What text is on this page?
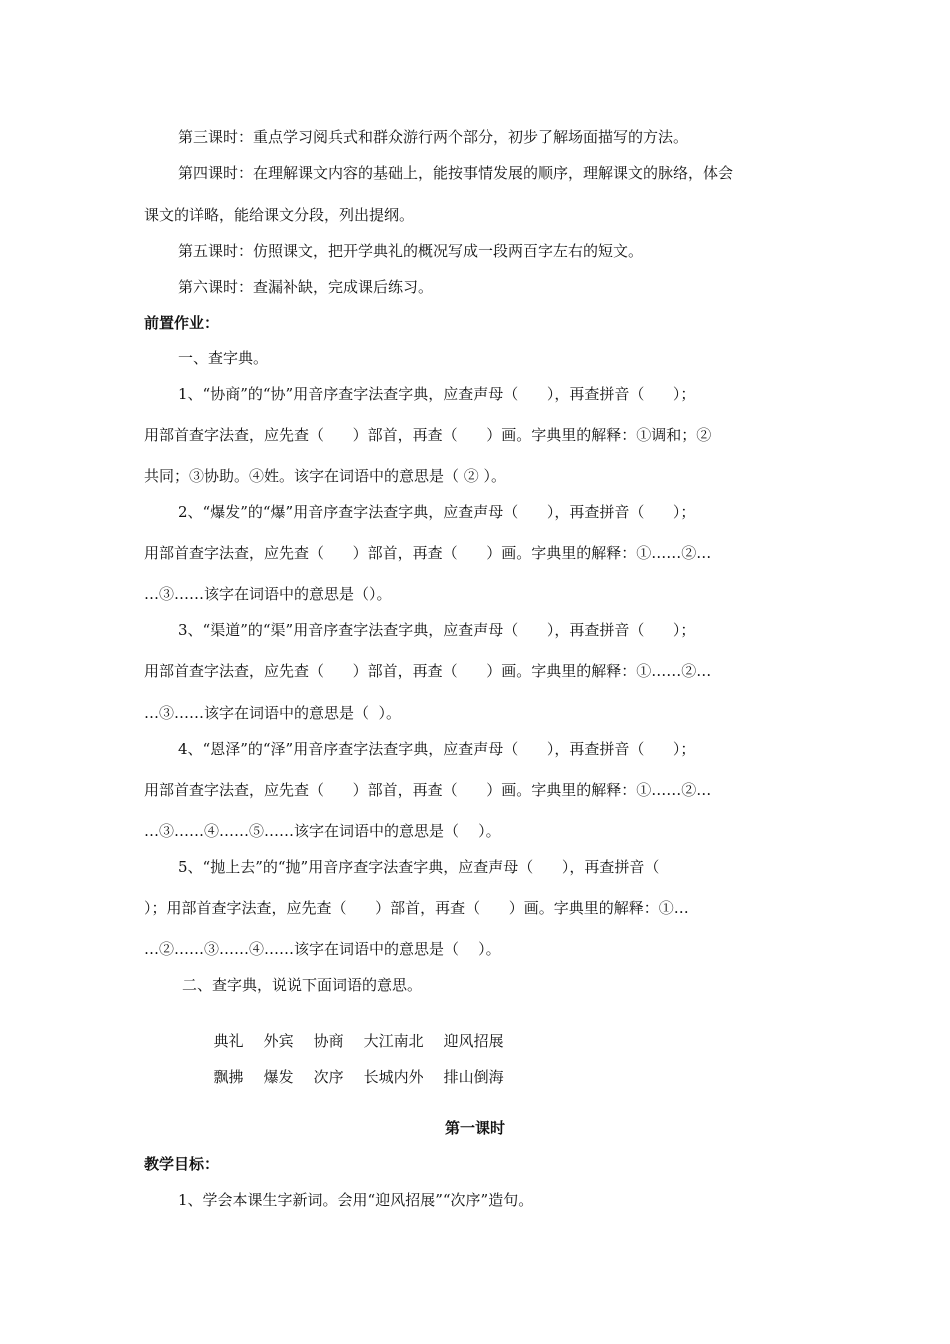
第三课时：重点学习阅兵式和群众游行两个部分，初步了解场面描写的方法。
第四课时：在理解课文内容的基础上，能按事情发展的顺序，理解课文的脉络，体会
课文的详略，能给课文分段，列出提纲。
第五课时：仿照课文，把开学典礼的概况写成一段两百字左右的短文。
第六课时：查漏补缺，完成课后练习。
前置作业：
一、查字典。
1、“协商”的“协”用音序查字法查字典，应查声母（      ），再查拼音（      ）；
用部首查字法查，应先查（      ）部首，再查（      ）画。字典里的解释：①调和；②
共同；③协助。④姓。该字在词语中的意思是（ ② ）。
2、“爆发”的“爆”用音序查字法查字典，应查声母（      ），再查拼音（      ）；
用部首查字法查，应先查（      ）部首，再查（      ）画。字典里的解释：①……②…
…③……该字在词语中的意思是（）。
3、“渠道”的“渠”用音序查字法查字典，应查声母（      ），再查拼音（      ）；
用部首查字法查，应先查（      ）部首，再查（      ）画。字典里的解释：①……②…
…③……该字在词语中的意思是（  ）。
4、“恩泽”的“泽”用音序查字法查字典，应查声母（      ），再查拼音（      ）；
用部首查字法查，应先查（      ）部首，再查（      ）画。字典里的解释：①……②…
…③……④……⑤……该字在词语中的意思是（    ）。
5、“抛上去”的“抛”用音序查字法查字典，应查声母（      ），再查拼音（
）；用部首查字法查，应先查（      ）部首，再查（      ）画。字典里的解释：①…
…②……③……④……该字在词语中的意思是（    ）。
二、查字典，说说下面词语的意思。

典礼 外宾 协商 大江南北 迎风招展

飘拂 爆发 次序 长城内外 排山倒海

第一课时
教学目标：
1、学会本课生字新词。会用“迎风招展”“次序”造句。
